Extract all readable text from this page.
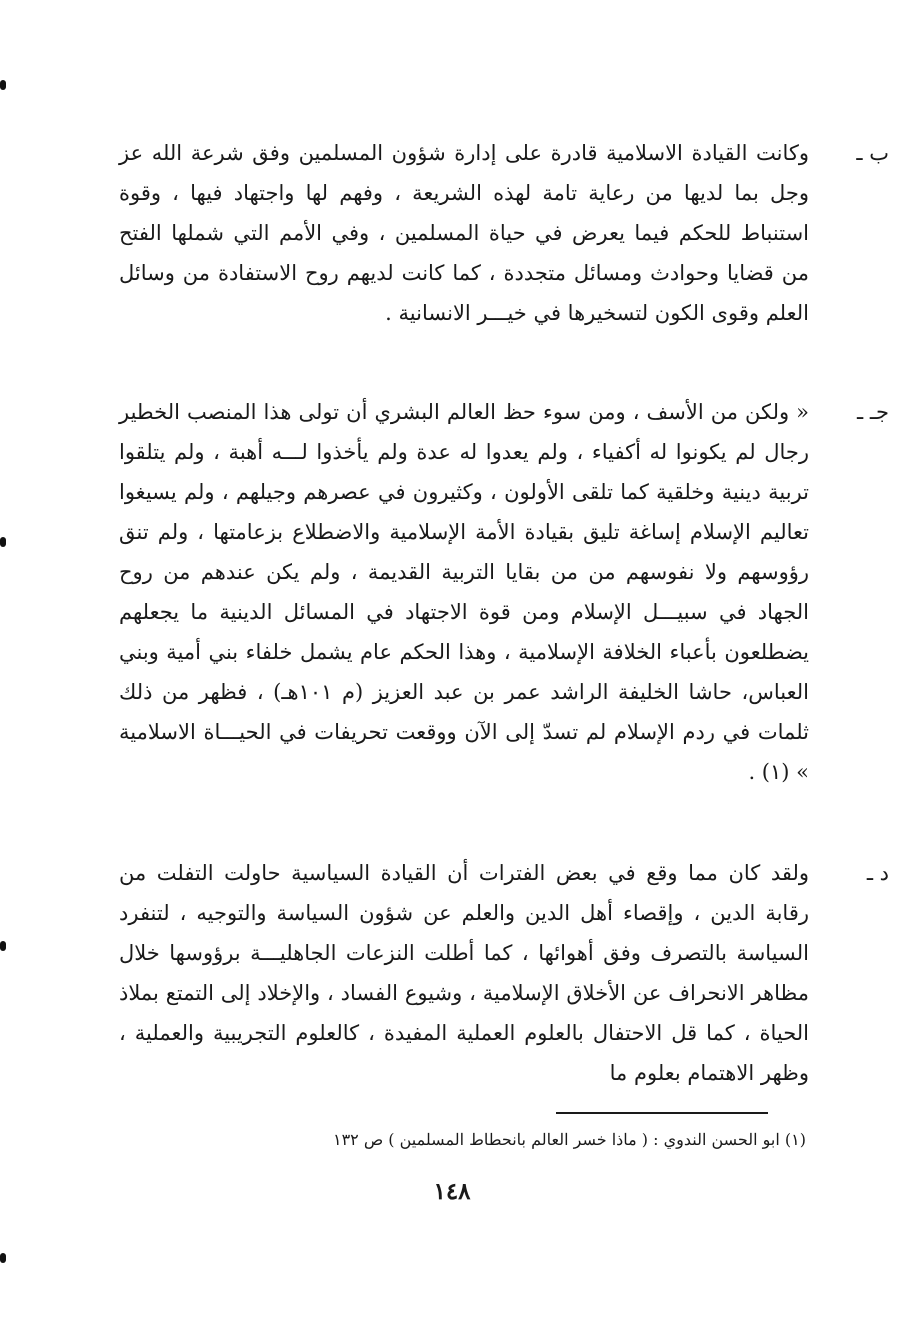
ب ـ

وكانت القيادة الاسلامية قادرة على إدارة شؤون المسلمين وفق شرعة الله عز وجل بما لديها من رعاية تامة لهذه الشريعة ، وفهم لها واجتهاد فيها ، وقوة استنباط للحكم فيما يعرض في حياة المسلمين ، وفي الأمم التي شملها الفتح من قضايا وحوادث ومسائل متجددة ، كما كانت لديهم روح الاستفادة من وسائل العلم وقوى الكون لتسخيرها في خيـــر الانسانية .

جـ ـ

« ولكن من الأسف ، ومن سوء حظ العالم البشري أن تولى هذا المنصب الخطير رجال لم يكونوا له أكفياء ، ولم يعدوا له عدة ولم يأخذوا لـــه أهبة ، ولم يتلقوا تربية دينية وخلقية كما تلقى الأولون ، وكثيرون في عصرهم وجيلهم ، ولم يسيغوا تعاليم الإسلام إساغة تليق بقيادة الأمة الإسلامية والاضطلاع بزعامتها ، ولم تنق رؤوسهم ولا نفوسهم من من بقايا التربية القديمة ، ولم يكن عندهم من روح الجهاد في سبيـــل الإسلام ومن قوة الاجتهاد في المسائل الدينية ما يجعلهم يضطلعون بأعباء الخلافة الإسلامية ، وهذا الحكم عام يشمل خلفاء بني أمية وبني العباس، حاشا الخليفة الراشد عمر بن عبد العزيز (م ١٠١هـ) ، فظهر من ذلك ثلمات في ردم الإسلام لم تسدّ إلى الآن ووقعت تحريفات في الحيـــاة الاسلامية » (١) .

د ـ

ولقد كان مما وقع في بعض الفترات أن القيادة السياسية حاولت التفلت من رقابة الدين ، وإقصاء أهل الدين والعلم عن شؤون السياسة والتوجيه ، لتنفرد السياسة بالتصرف وفق أهوائها ، كما أطلت النزعات الجاهليـــة برؤوسها خلال مظاهر الانحراف عن الأخلاق الإسلامية ، وشيوع الفساد ، والإخلاد إلى التمتع بملاذ الحياة ، كما قل الاحتفال بالعلوم العملية المفيدة ، كالعلوم التجريبية والعملية ، وظهر الاهتمام بعلوم ما

(١) ابو الحسن الندوي : ( ماذا خسر العالم بانحطاط المسلمين ) ص ١٣٢
١٤٨
